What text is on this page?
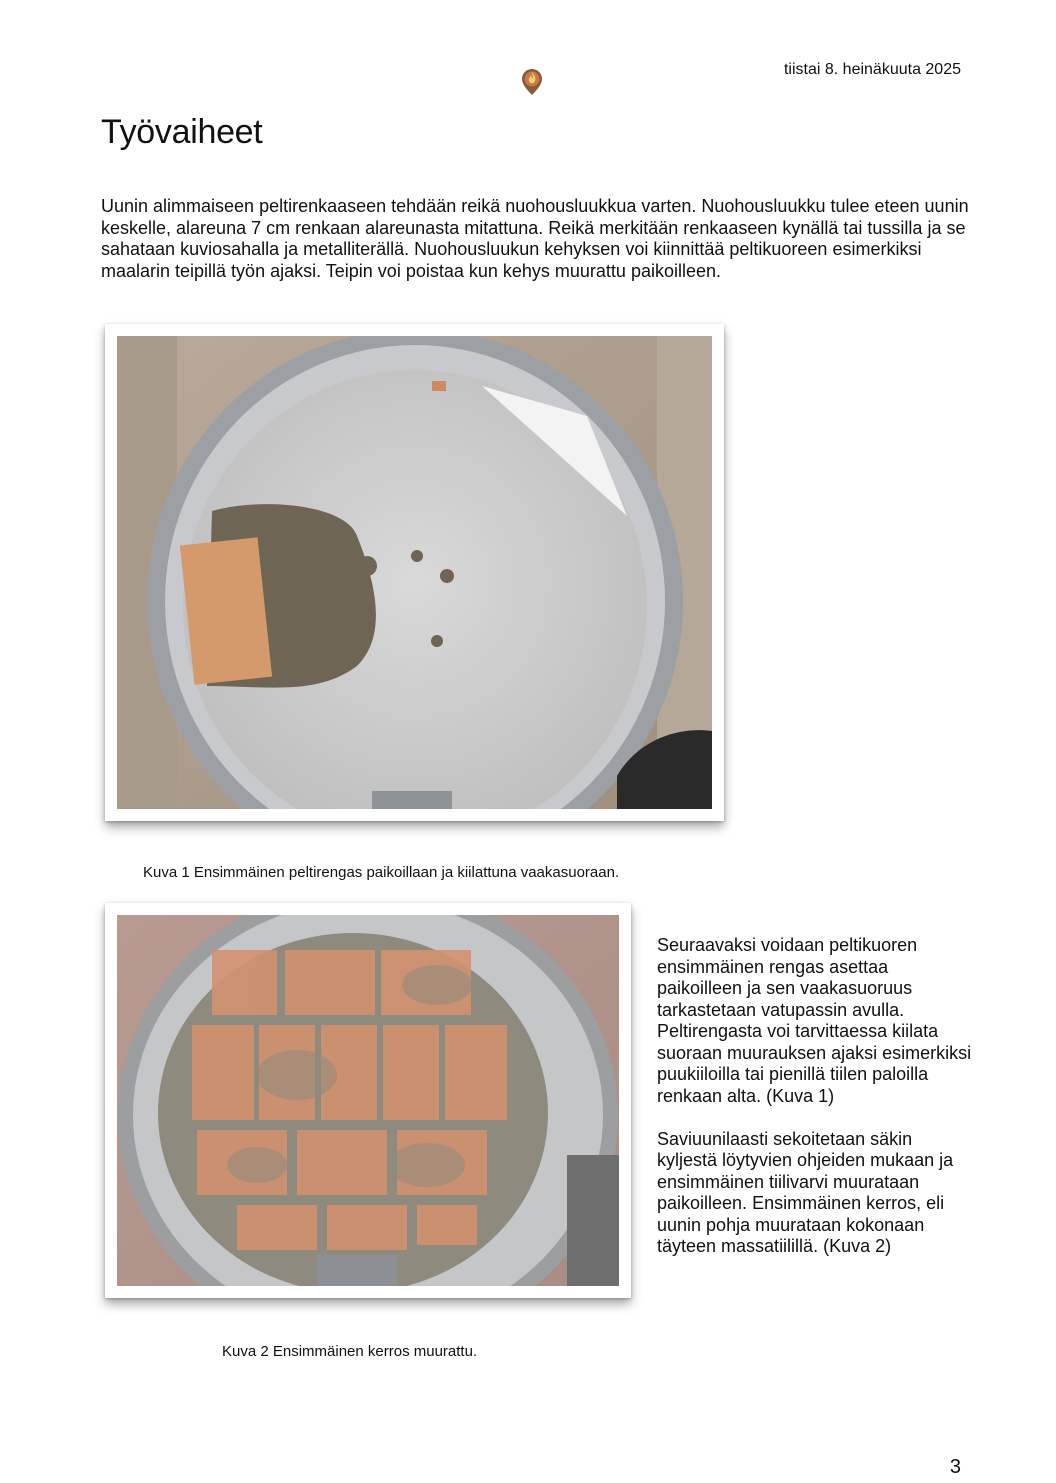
tiistai 8. heinäkuuta 2025
Työvaiheet

Uunin alimmaiseen peltirenkaaseen tehdään reikä nuohousluukkua varten. Nuohousluukku tulee eteen uunin keskelle, alareuna 7 cm renkaan alareunasta mitattuna. Reikä merkitään renkaaseen kynällä tai tussilla ja se sahataan kuviosahalla ja metalliterällä. Nuohousluukun kehyksen voi kiinnittää peltikuoreen esimerkiksi maalarin teipillä työn ajaksi. Teipin voi poistaa kun kehys muurattu paikoilleen.

Kuva 1 Ensimmäinen peltirengas paikoillaan ja kiilattuna vaakasuoraan.
Kuva 2 Ensimmäinen kerros muurattu.

Seuraavaksi voidaan peltikuoren ensimmäinen rengas asettaa paikoilleen ja sen vaakasuoruus tarkastetaan vatupassin avulla. Peltirengasta voi tarvittaessa kiilata suoraan muurauksen ajaksi esimerkiksi puukiiloilla tai pienillä tiilen paloilla renkaan alta. (Kuva 1)

Saviuunilaasti sekoitetaan säkin kyljestä löytyvien ohjeiden mukaan ja ensimmäinen tiilivarvi muurataan paikoilleen. Ensimmäinen kerros, eli uunin pohja muurataan kokonaan täyteen massatiilillä. (Kuva 2)

3
